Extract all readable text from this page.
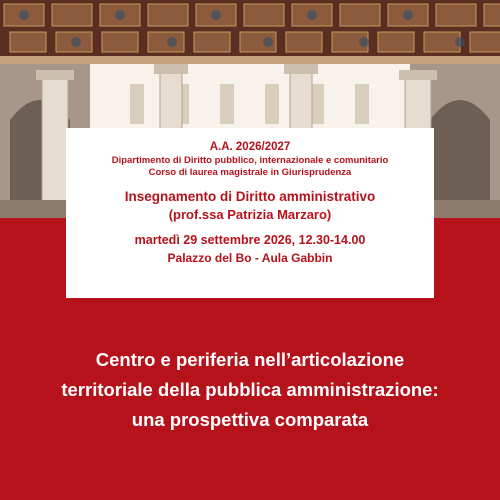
A.A. 2026/2027
Dipartimento di Diritto pubblico, internazionale e comunitario
Corso di laurea magistrale in Giurisprudenza
Insegnamento di Diritto amministrativo
(prof.ssa Patrizia Marzaro)
martedì 29 settembre 2026, 12.30-14.00
Palazzo del Bo - Aula Gabbin
Centro e periferia nell’articolazione
territoriale della pubblica amministrazione:
una prospettiva comparata
